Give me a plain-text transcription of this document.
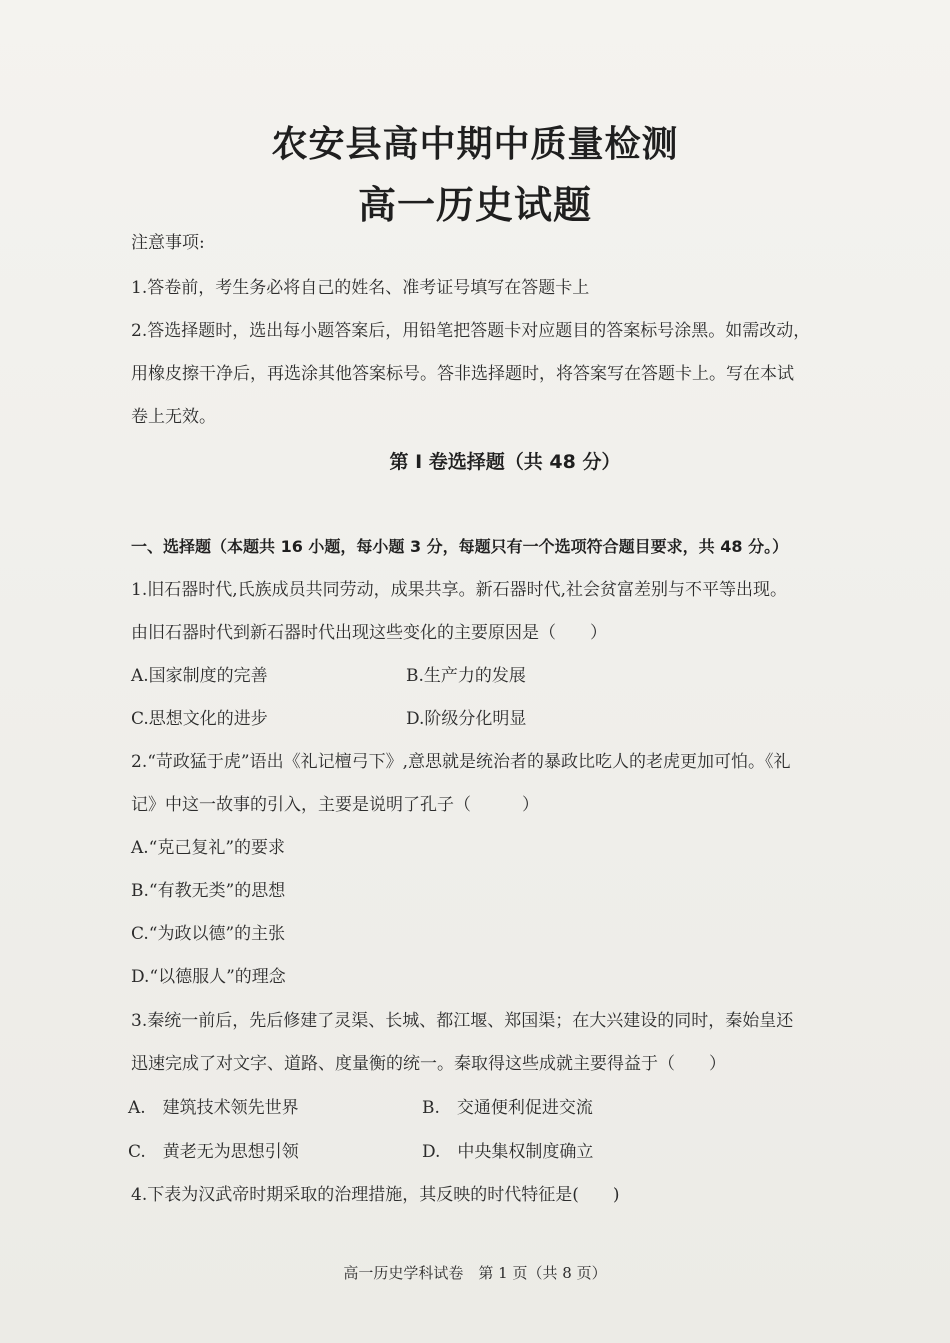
农安县高中期中质量检测
高一历史试题
注意事项:
1.答卷前，考生务必将自己的姓名、准考证号填写在答题卡上
2.答选择题时，选出每小题答案后，用铅笔把答题卡对应题目的答案标号涂黑。如需改动，
用橡皮擦干净后，再选涂其他答案标号。答非选择题时，将答案写在答题卡上。写在本试
卷上无效。
第 I 卷选择题（共 48 分）
一、选择题（本题共 16 小题，每小题 3 分，每题只有一个选项符合题目要求，共 48 分。）
1.旧石器时代,氏族成员共同劳动，成果共享。新石器时代,社会贫富差别与不平等出现。
由旧石器时代到新石器时代出现这些变化的主要原因是（　　）
A.国家制度的完善	B.生产力的发展
C.思想文化的进步	D.阶级分化明显
2.“苛政猛于虎”语出《礼记檀弓下》,意思就是统治者的暴政比吃人的老虎更加可怕。《礼
记》中这一故事的引入，主要是说明了孔子（　　　）
A.“克己复礼”的要求
B.“有教无类”的思想
C.“为政以德”的主张
D.“以德服人”的理念
3.秦统一前后，先后修建了灵渠、长城、都江堰、郑国渠；在大兴建设的同时，秦始皇还
迅速完成了对文字、道路、度量衡的统一。秦取得这些成就主要得益于（　　）
A.　建筑技术领先世界	B.　交通便利促进交流
C.　黄老无为思想引领	D.　中央集权制度确立
4.下表为汉武帝时期采取的治理措施，其反映的时代特征是(　　)
高一历史学科试卷　第 1 页（共 8 页）
